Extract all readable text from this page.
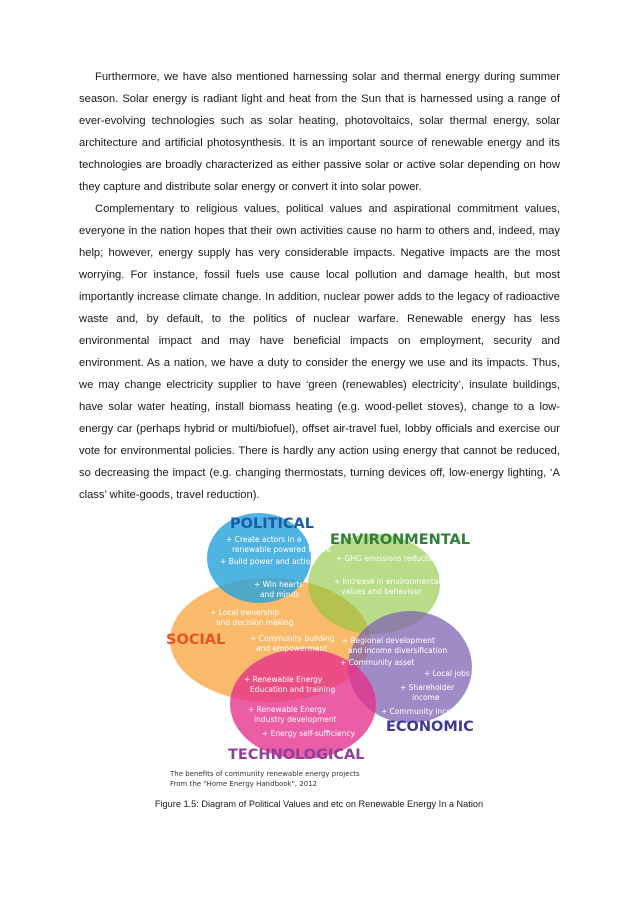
Furthermore, we have also mentioned harnessing solar and thermal energy during summer season. Solar energy is radiant light and heat from the Sun that is harnessed using a range of ever-evolving technologies such as solar heating, photovoltaics, solar thermal energy, solar architecture and artificial photosynthesis. It is an important source of renewable energy and its technologies are broadly characterized as either passive solar or active solar depending on how they capture and distribute solar energy or convert it into solar power.

Complementary to religious values, political values and aspirational commitment values, everyone in the nation hopes that their own activities cause no harm to others and, indeed, may help; however, energy supply has very considerable impacts. Negative impacts are the most worrying. For instance, fossil fuels use cause local pollution and damage health, but most importantly increase climate change. In addition, nuclear power adds to the legacy of radioactive waste and, by default, to the politics of nuclear warfare. Renewable energy has less environmental impact and may have beneficial impacts on employment, security and environment. As a nation, we have a duty to consider the energy we use and its impacts. Thus, we may change electricity supplier to have ‘green (renewables) electricity’, insulate buildings, have solar water heating, install biomass heating (e.g. wood-pellet stoves), change to a low-energy car (perhaps hybrid or multi/biofuel), offset air-travel fuel, lobby officials and exercise our vote for environmental policies. There is hardly any action using energy that cannot be reduced, so decreasing the impact (e.g. changing thermostats, turning devices off, low-energy lighting, ‘A class’ white-goods, travel reduction).

POLITICAL
ENVIRONMENTAL
SOCIAL
ECONOMIC
TECHNOLOGICAL
+ Create actors in a
renewable powered future
+ Build power and action	+ GHG emissions reduction
+ Increase in environmental
values and behaviour
+ Win hearts
and minds
+ Local ownership
and decision making
+ Community building
and empowerment
+ Regional development
and income diversification
+ Community asset
+ Local jobs
+ Shareholder
income
+ Community income
+ Renewable Energy
Education and training
+ Renewable Energy
industry development
+ Energy self-sufficiency
The benefits of community renewable energy projects
From the "Home Energy Handbook", 2012
Figure 1.5: Diagram of Political Values and etc on Renewable Energy In a Nation
